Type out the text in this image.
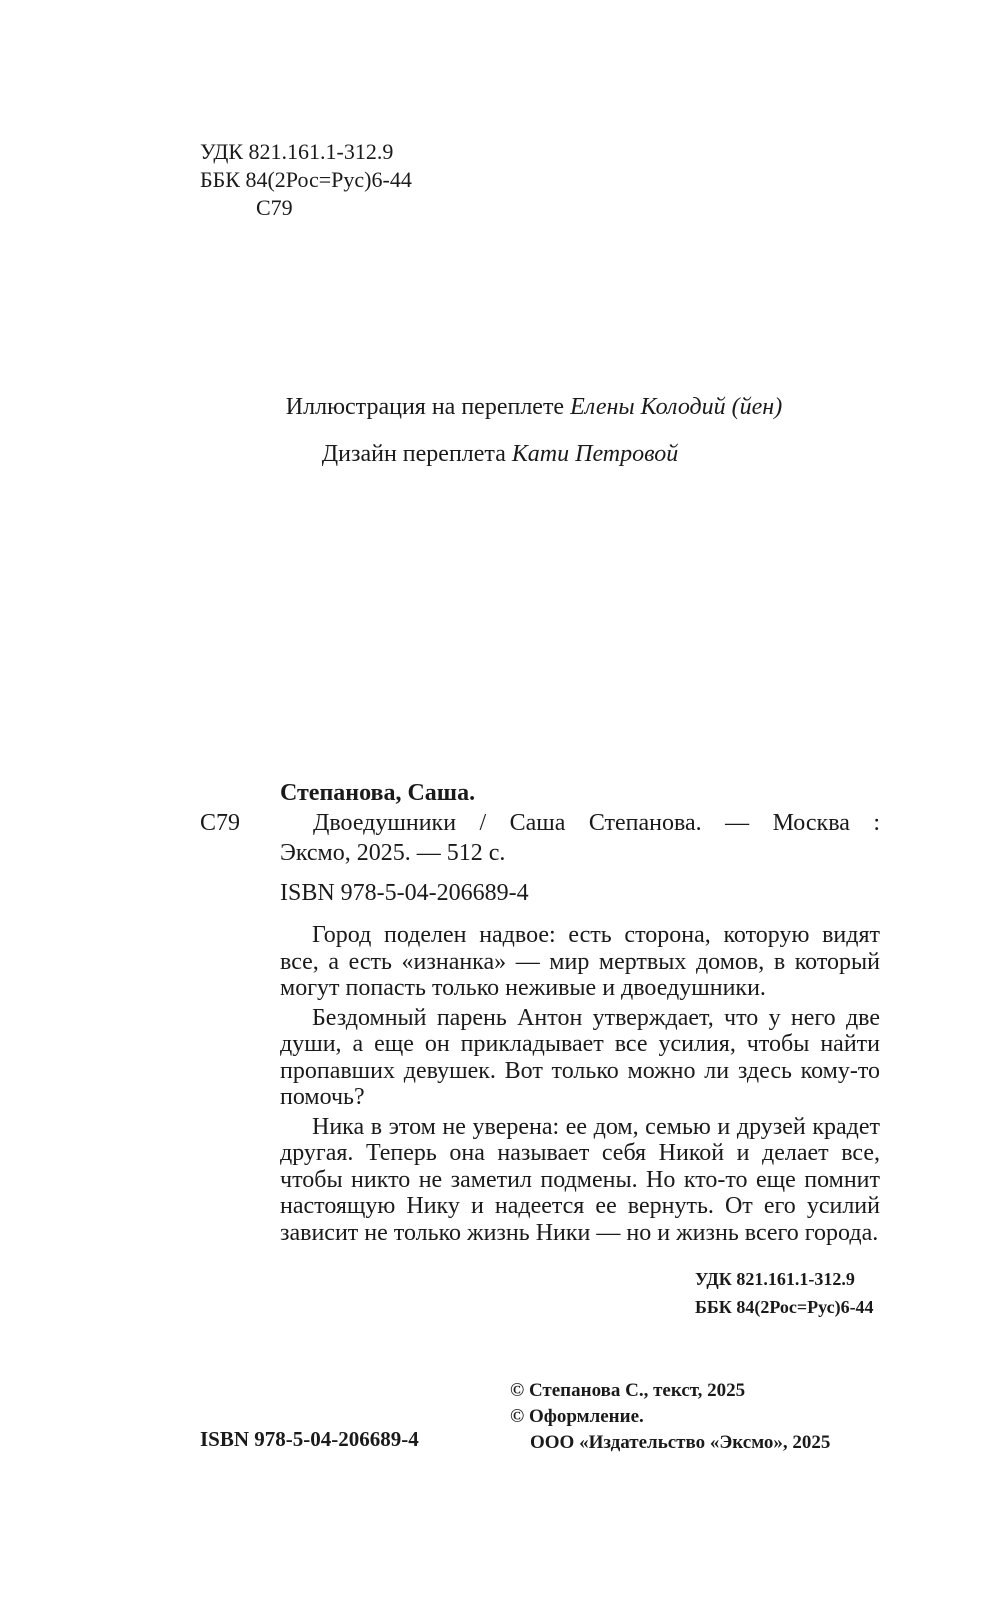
УДК 821.161.1-312.9
ББК 84(2Рос=Рус)6-44
С79
Иллюстрация на переплете Елены Колодий (йен)
Дизайн переплета Кати Петровой
Степанова, Саша.
С79	Двоедушники / Саша Степанова. — Москва :
Эксмо, 2025. — 512 с.
ISBN 978-5-04-206689-4

Город поделен надвое: есть сторона, которую видят все, а есть «изнанка» — мир мертвых домов, в который могут попасть только неживые и двоедушники.

Бездомный парень Антон утверждает, что у него две души, а еще он прикладывает все усилия, чтобы найти пропавших девушек. Вот только можно ли здесь кому-то помочь?

Ника в этом не уверена: ее дом, семью и друзей крадет другая. Теперь она называет себя Никой и делает все, чтобы никто не заметил подмены. Но кто-то еще помнит настоящую Нику и надеется ее вернуть. От его усилий зависит не только жизнь Ники — но и жизнь всего города.

УДК 821.161.1-312.9
ББК 84(2Рос=Рус)6-44
© Степанова С., текст, 2025
© Оформление.
ООО «Издательство «Эксмо», 2025
ISBN 978-5-04-206689-4
